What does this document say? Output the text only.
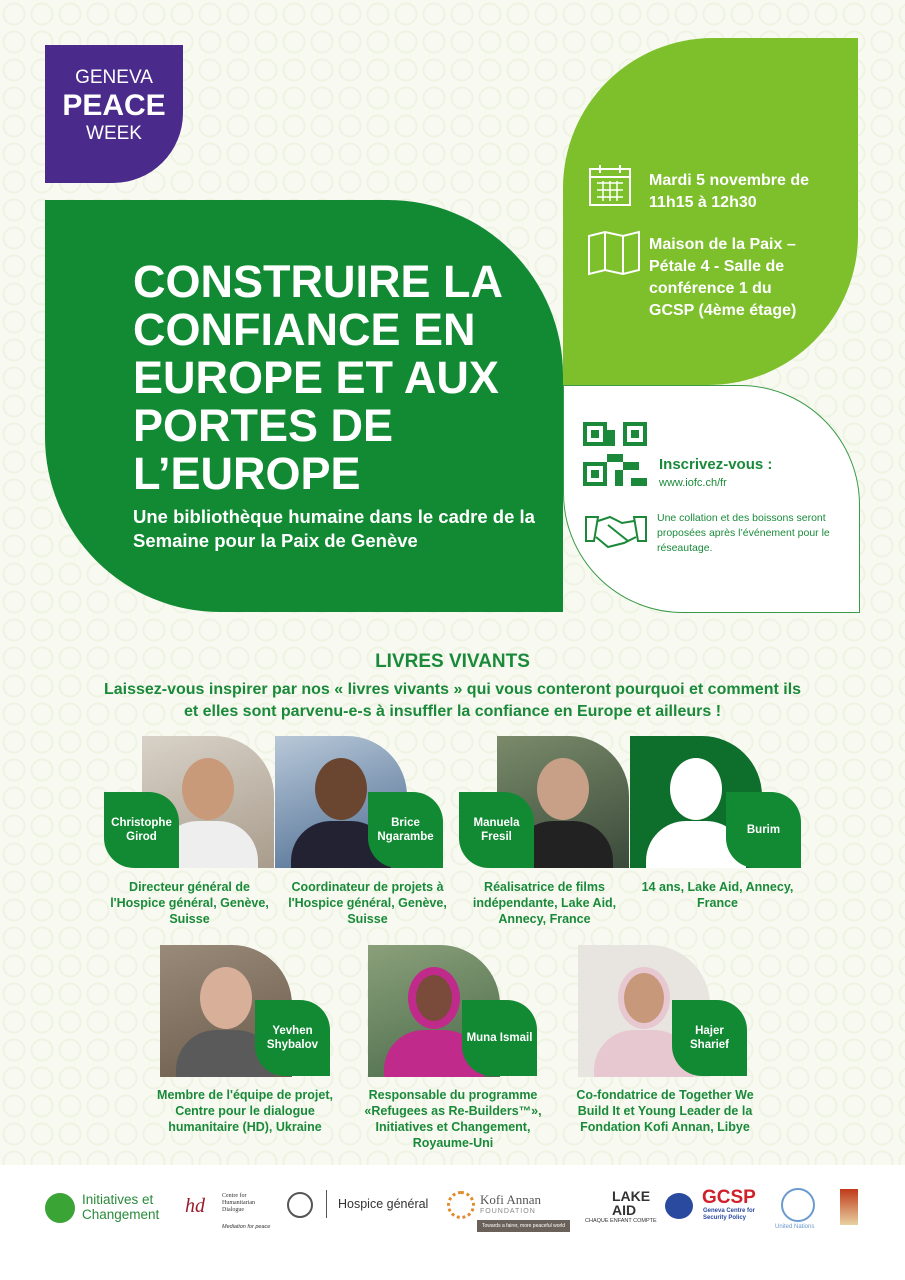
GENEVA
PEACE
WEEK
CONSTRUIRE LA CONFIANCE EN EUROPE ET AUX PORTES DE L’EUROPE

Une bibliothèque humaine dans le cadre de la Semaine pour la Paix de Genève

Mardi 5 novembre de 11h15 à 12h30
Maison de la Paix – Pétale 4 - Salle de conférence 1 du GCSP (4ème étage)
Inscrivez-vous :
www.iofc.ch/fr
Une collation et des boissons seront proposées après l’événement pour le réseautage.
LIVRES VIVANTS
Laissez-vous inspirer par nos « livres vivants » qui vous conteront pourquoi et comment ils et elles sont parvenu-e-s à insuffler la confiance en Europe et ailleurs !
Christophe Girod
Directeur général de l'Hospice général, Genève, Suisse
Brice Ngarambe
Coordinateur de projets à l'Hospice général, Genève, Suisse
Manuela Fresil
Réalisatrice de films indépendante, Lake Aid, Annecy, France
Burim
14 ans, Lake Aid, Annecy, France
Yevhen Shybalov
Membre de l'équipe de projet, Centre pour le dialogue humanitaire (HD), Ukraine
Muna Ismail
Responsable du programme «Refugees as Re-Builders™», Initiatives et Changement, Royaume-Uni
Hajer Sharief
Co-fondatrice de Together We Build It et Young Leader de la Fondation Kofi Annan, Libye
Initiatives et Changement	hd	Centre for Humanitarian Dialogue
Mediation for peace
Hospice général	Kofi Annan
FOUNDATION
Towards a fairer, more peaceful world
LAKE AID
CHAQUE ENFANT COMPTE
GCSP
Geneva Centre for Security Policy
United Nations
